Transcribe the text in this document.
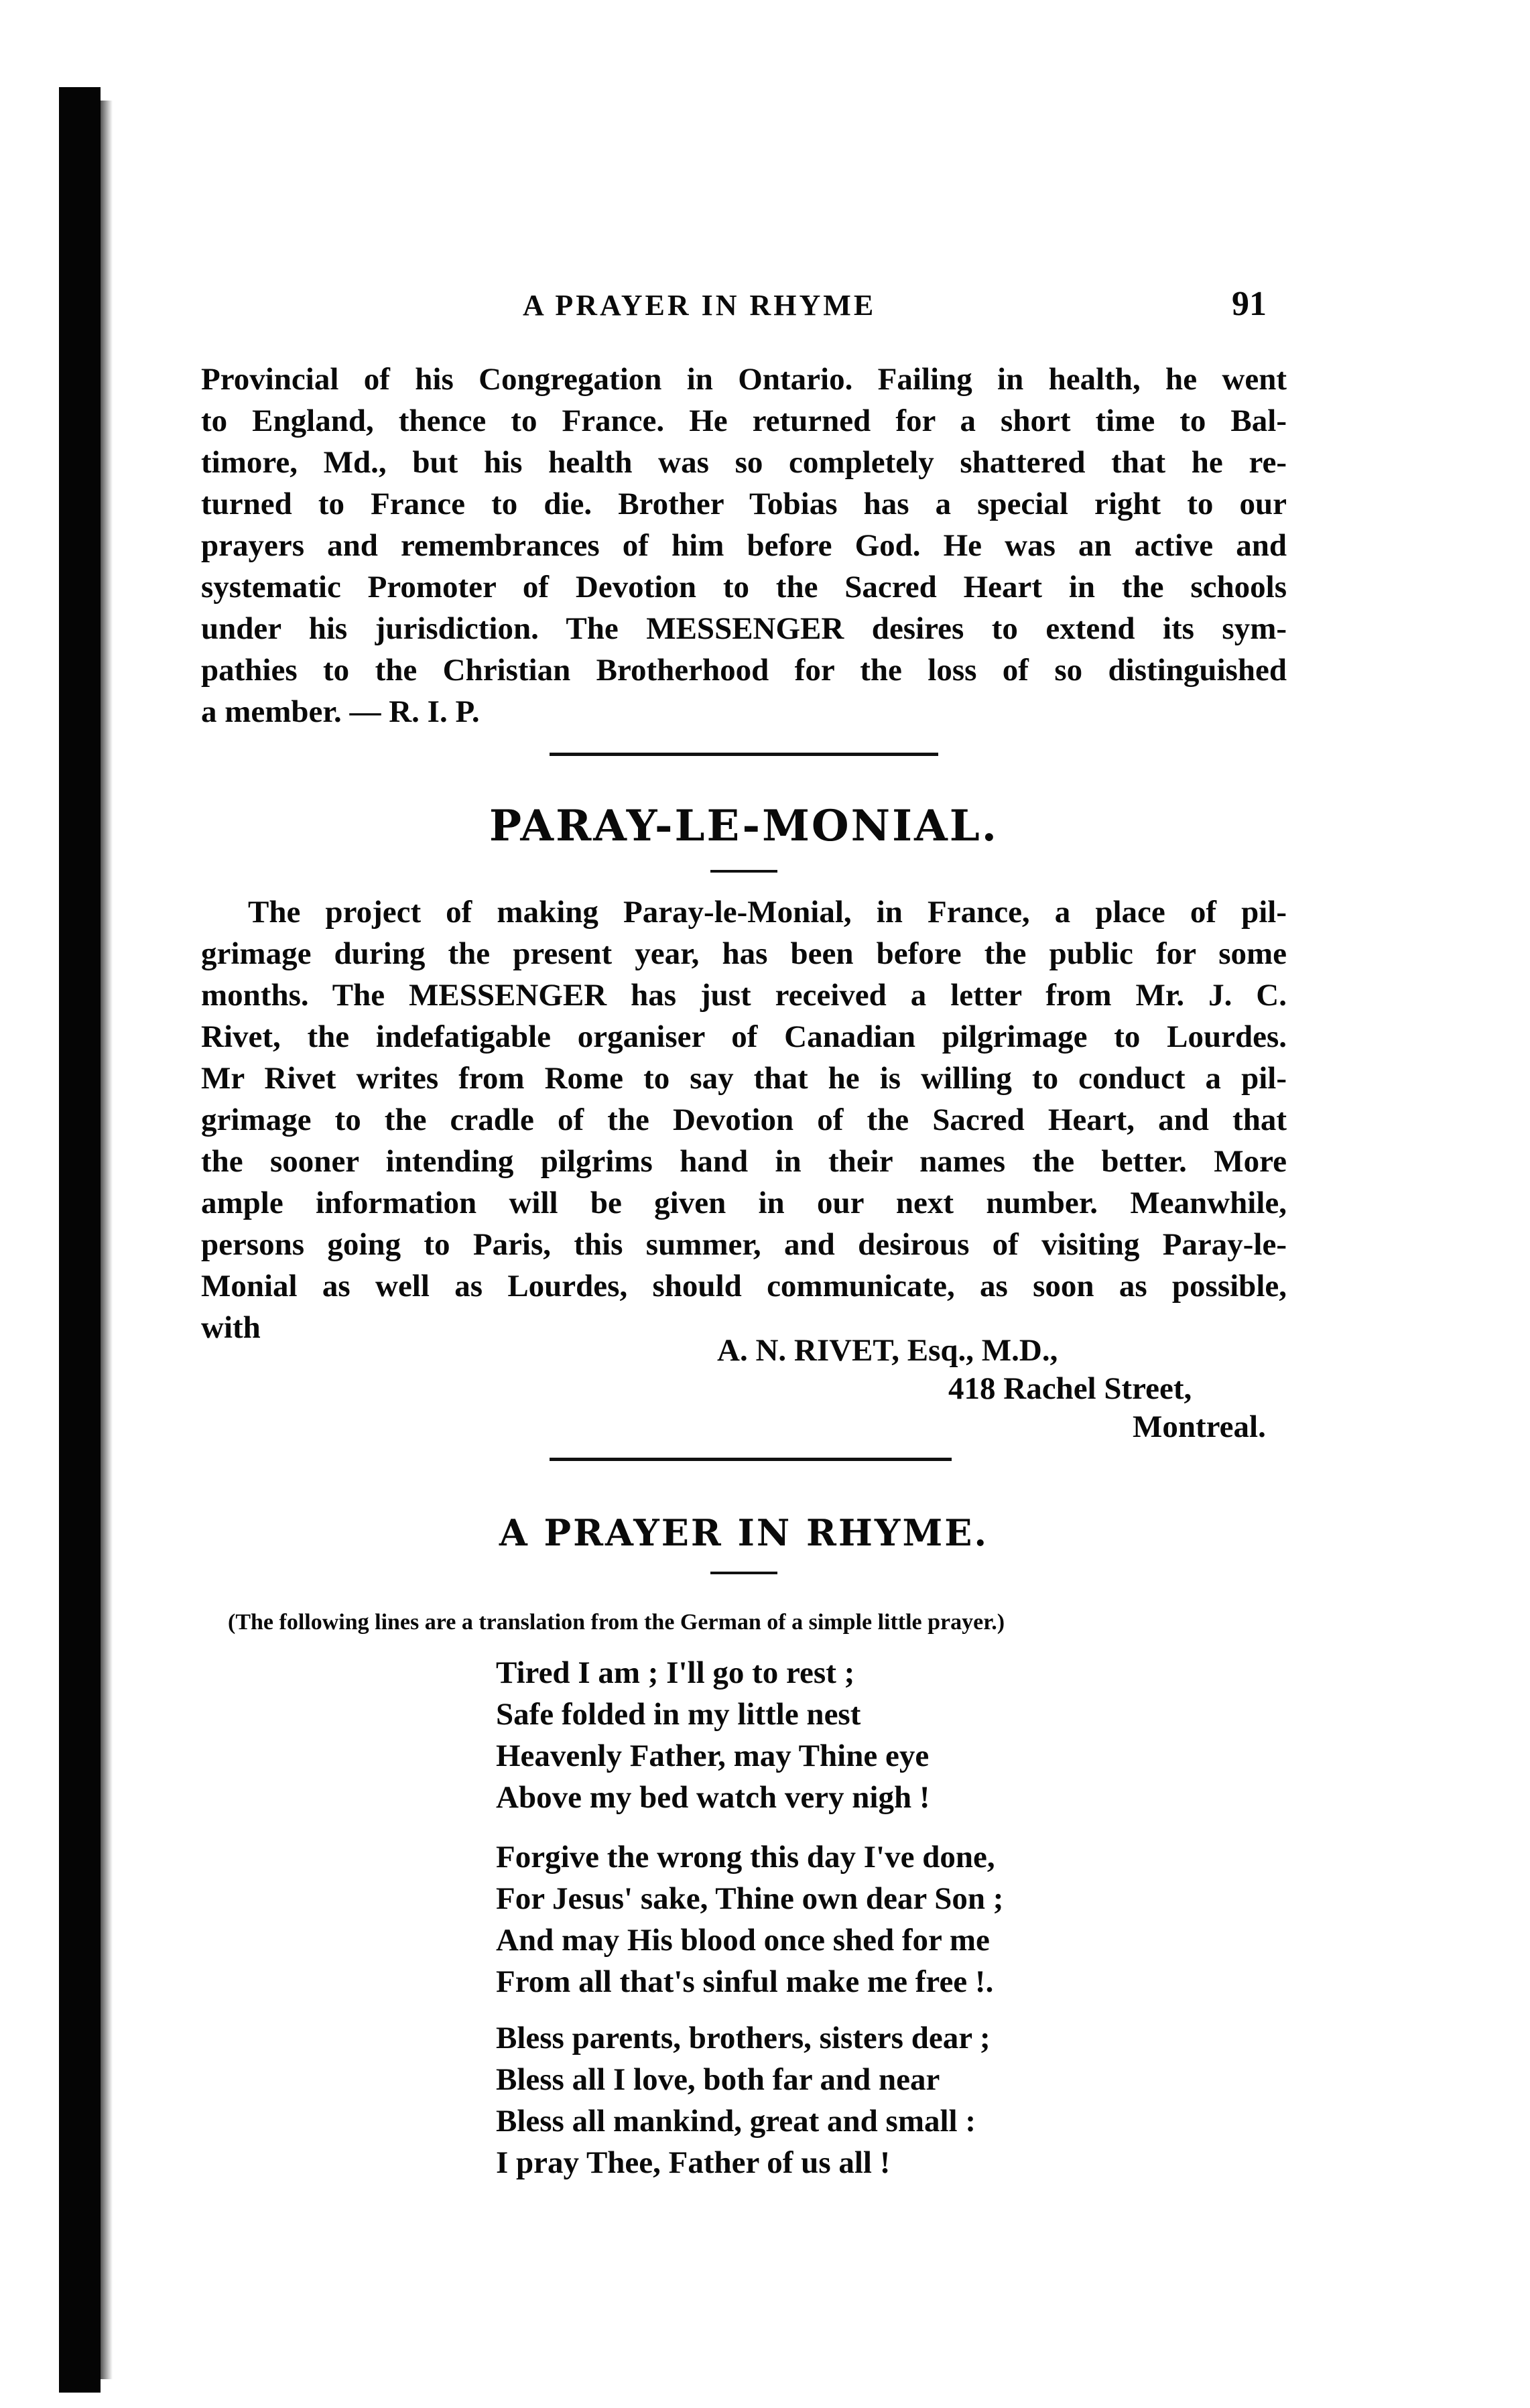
A PRAYER IN RHYME	91
Provincial of his Congregation in Ontario. Failing in health, he went
to England, thence to France. He returned for a short time to Bal-
timore, Md., but his health was so completely shattered that he re-
turned to France to die. Brother Tobias has a special right to our
prayers and remembrances of him before God. He was an active and
systematic Promoter of Devotion to the Sacred Heart in the schools
under his jurisdiction. The MESSENGER desires to extend its sym-
pathies to the Christian Brotherhood for the loss of so distinguished
a member. — R. I. P.
PARAY-LE-MONIAL.
The project of making Paray-le-Monial, in France, a place of pil-
grimage during the present year, has been before the public for some
months. The MESSENGER has just received a letter from Mr. J. C.
Rivet, the indefatigable organiser of Canadian pilgrimage to Lourdes.
Mr Rivet writes from Rome to say that he is willing to conduct a pil-
grimage to the cradle of the Devotion of the Sacred Heart, and that
the sooner intending pilgrims hand in their names the better. More
ample information will be given in our next number. Meanwhile,
persons going to Paris, this summer, and desirous of visiting Paray-le-
Monial as well as Lourdes, should communicate, as soon as possible,
with
A. N. RIVET, Esq., M.D.,
418 Rachel Street,
Montreal.
A PRAYER IN RHYME.
(The following lines are a translation from the German of a simple little prayer.)
Tired I am ; I'll go to rest ;
Safe folded in my little nest
Heavenly Father, may Thine eye
Above my bed watch very nigh !
Forgive the wrong this day I've done,
For Jesus' sake, Thine own dear Son ;
And may His blood once shed for me
From all that's sinful make me free !.
Bless parents, brothers, sisters dear ;
Bless all I love, both far and near
Bless all mankind, great and small :
I pray Thee, Father of us all !
